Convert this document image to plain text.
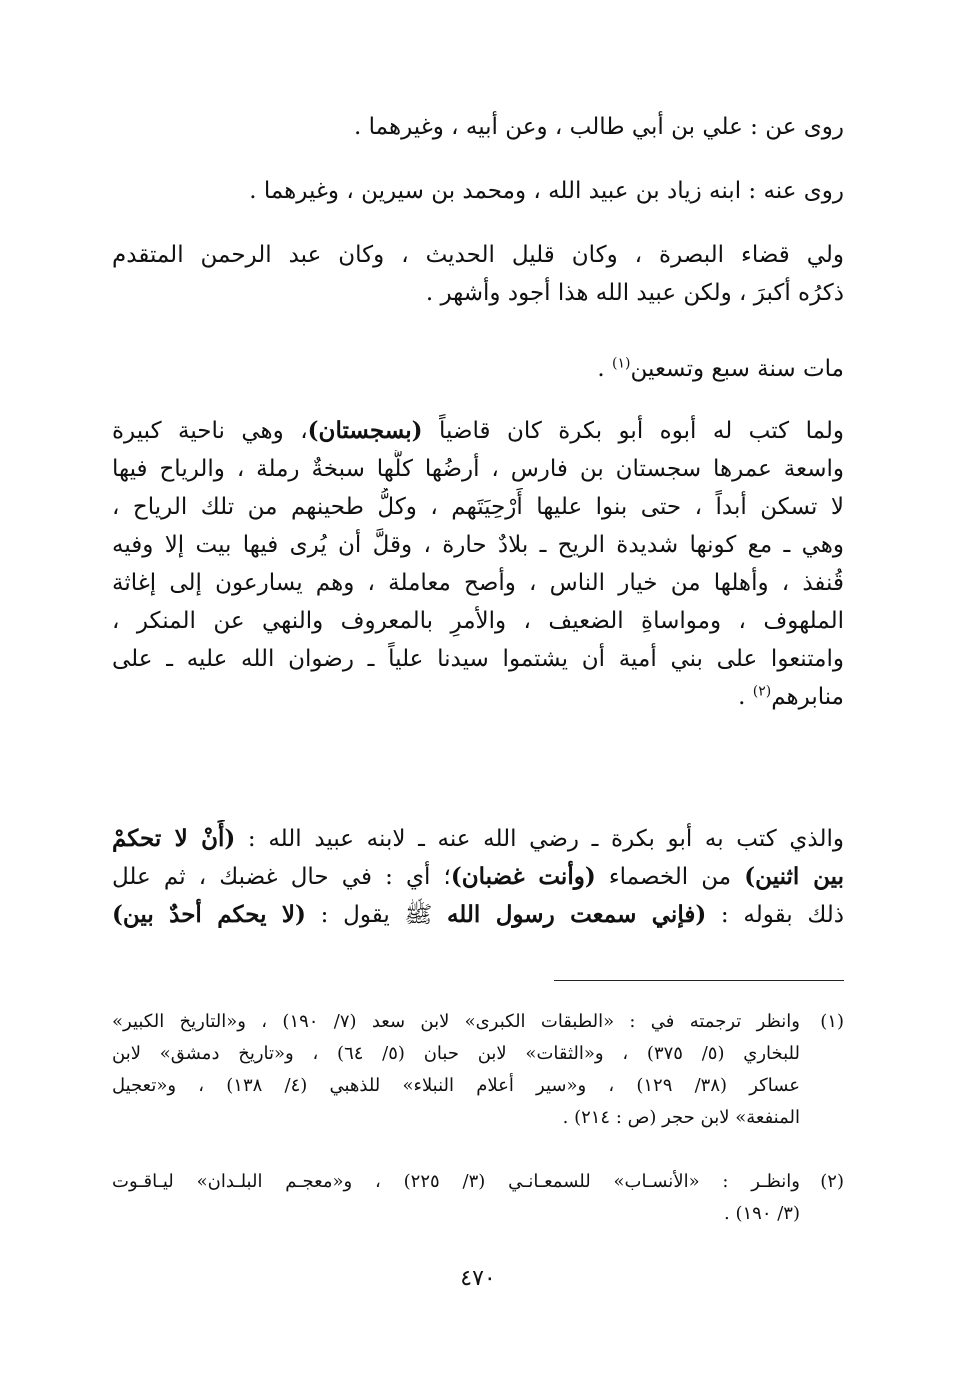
روى عن : علي بن أبي طالب ، وعن أبيه ، وغيرهما .
روى عنه : ابنه زياد بن عبيد الله ، ومحمد بن سيرين ، وغيرهما .
ولي قضاء البصرة ، وكان قليل الحديث ، وكان عبد الرحمن المتقدم
ذكرُه أكبرَ ، ولكن عبيد الله هذا أجود وأشهر .
مات سنة سبع وتسعين$^{(١)}$ .
ولما كتب له أبوه أبو بكرة كان قاضياً (بسجستان)، وهي ناحية كبيرة
واسعة عمرها سجستان بن فارس ، أرضُها كلُّها سبخةٌ رملة ، والرياح فيها
لا تسكن أبداً ، حتى بنوا عليها أَرْحِيَتَهم ، وكلُّ طحينهم من تلك الرياح ،
وهي ـ مع كونها شديدة الريح ـ بلادٌ حارة ، وقلَّ أن يُرى فيها بيت إلا وفيه
قُنفذ ، وأهلها من خيار الناس ، وأصح معاملة ، وهم يسارعون إلى إغاثة
الملهوف ، ومواساةِ الضعيف ، والأمرِ بالمعروف والنهي عن المنكر ،
وامتنعوا على بني أمية أن يشتموا سيدنا علياً ـ رضوان الله عليه ـ على
منابرهم$^{(٢)}$ .
والذي كتب به أبو بكرة ـ رضي الله عنه ـ لابنه عبيد الله : (أَنْ لا تحكمْ
بين اثنين) من الخصماء (وأنت غضبان)؛ أي : في حال غضبك ، ثم علل
ذلك بقوله : (فإني سمعت رسول الله ﷺ يقول : (لا يحكم أحدٌ بين)
(١)
وانظر ترجمته في : «الطبقات الكبرى» لابن سعد (٧/ ١٩٠) ، و«التاريخ الكبير»
للبخاري (٥/ ٣٧٥) ، و«الثقات» لابن حبان (٥/ ٦٤) ، و«تاريخ دمشق» لابن
عساكر (٣٨/ ١٢٩) ، و«سير أعلام النبلاء» للذهبي (٤/ ١٣٨) ، و«تعجيل
المنفعة» لابن حجر (ص : ٢١٤) .
(٢)
وانظـر : «الأنسـاب» للسمعـانـي (٣/ ٢٢٥) ، و«معجـم البلـدان» ليـاقـوت
(٣/ ١٩٠) .
٤٧٠
